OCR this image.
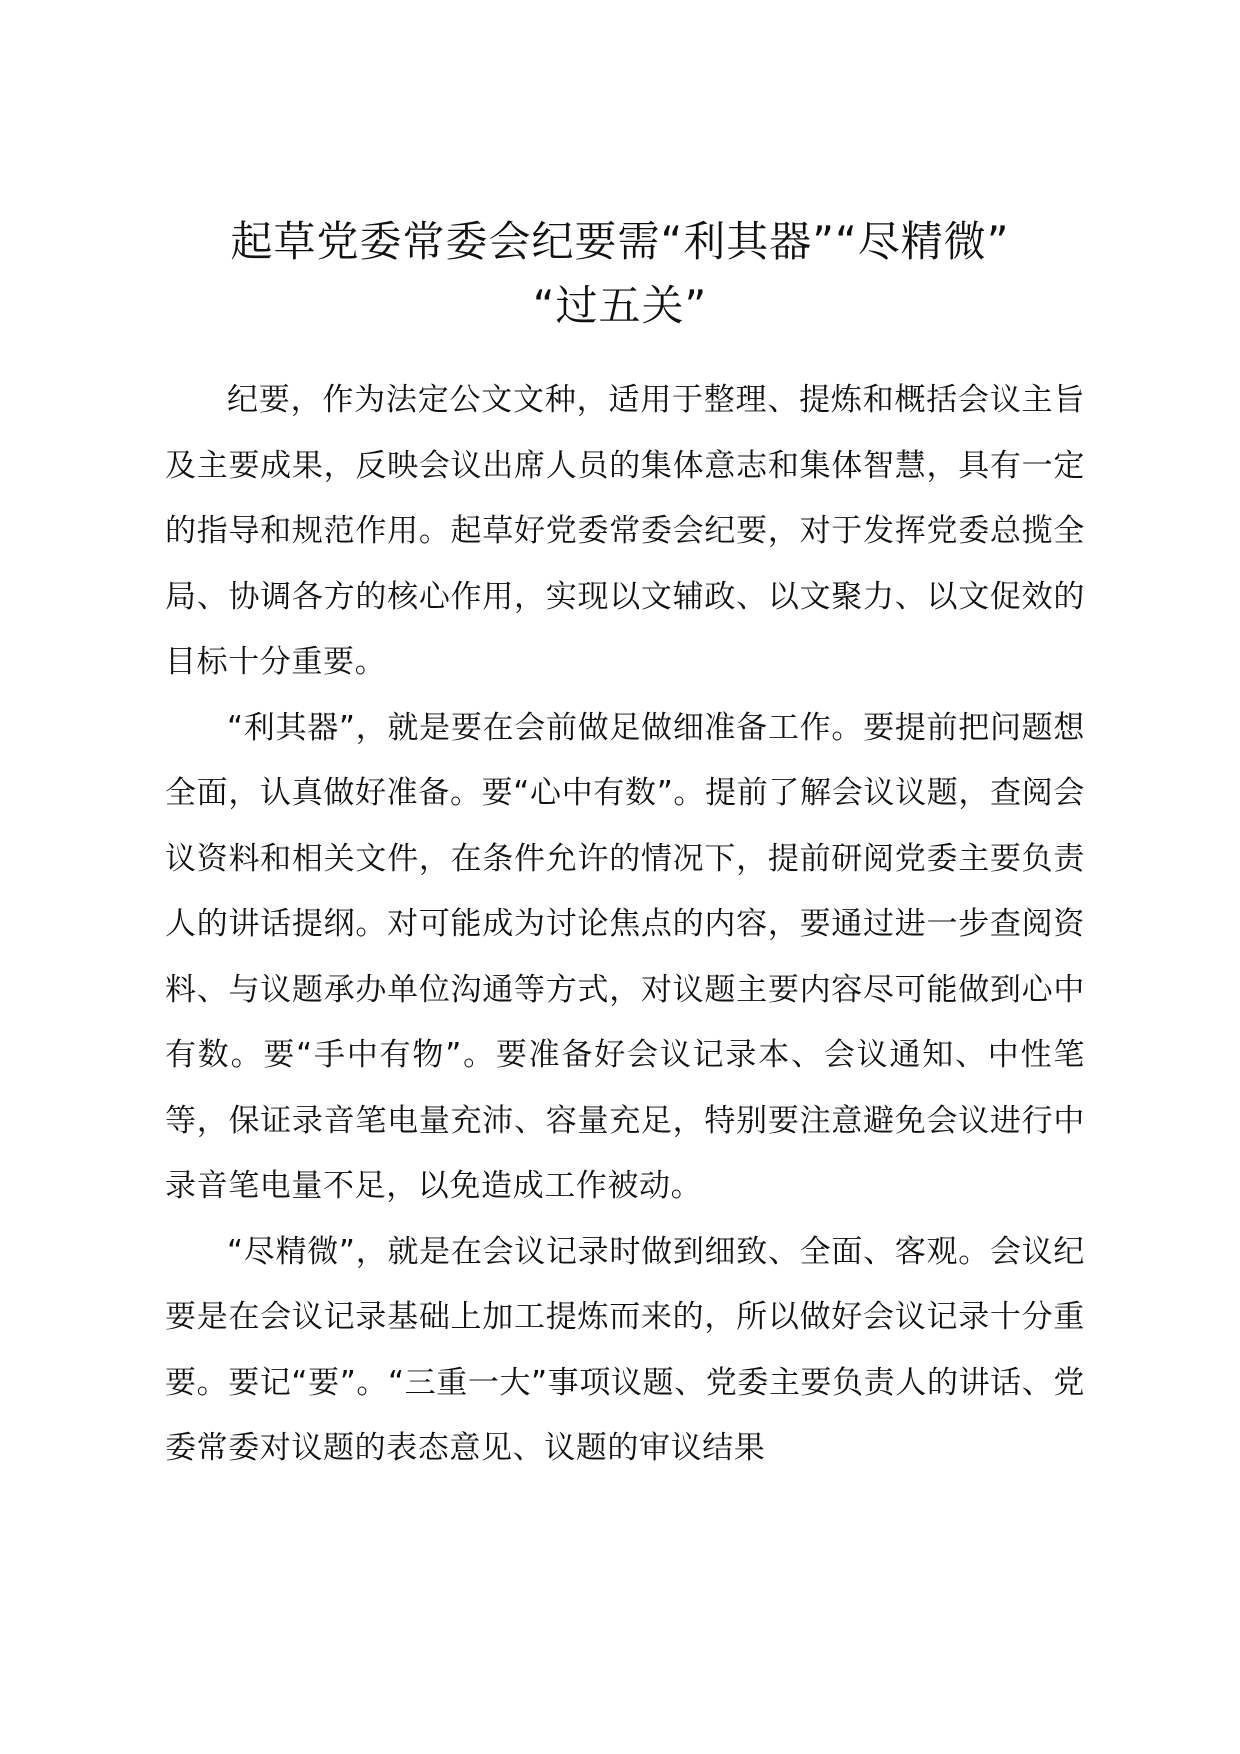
起草党委常委会纪要需“利其器”“尽精微”
“过五关”

纪要，作为法定公文文种，适用于整理、提炼和概括会议主旨及主要成果，反映会议出席人员的集体意志和集体智慧，具有一定的指导和规范作用。起草好党委常委会纪要，对于发挥党委总揽全局、协调各方的核心作用，实现以文辅政、以文聚力、以文促效的目标十分重要。

“利其器”，就是要在会前做足做细准备工作。要提前把问题想全面，认真做好准备。要“心中有数”。提前了解会议议题，查阅会议资料和相关文件，在条件允许的情况下，提前研阅党委主要负责人的讲话提纲。对可能成为讨论焦点的内容，要通过进一步查阅资料、与议题承办单位沟通等方式，对议题主要内容尽可能做到心中有数。要“手中有物”。要准备好会议记录本、会议通知、中性笔等，保证录音笔电量充沛、容量充足，特别要注意避免会议进行中录音笔电量不足，以免造成工作被动。

“尽精微”，就是在会议记录时做到细致、全面、客观。会议纪要是在会议记录基础上加工提炼而来的，所以做好会议记录十分重要。要记“要”。“三重一大”事项议题、党委主要负责人的讲话、党委常委对议题的表态意见、议题的审议结果
